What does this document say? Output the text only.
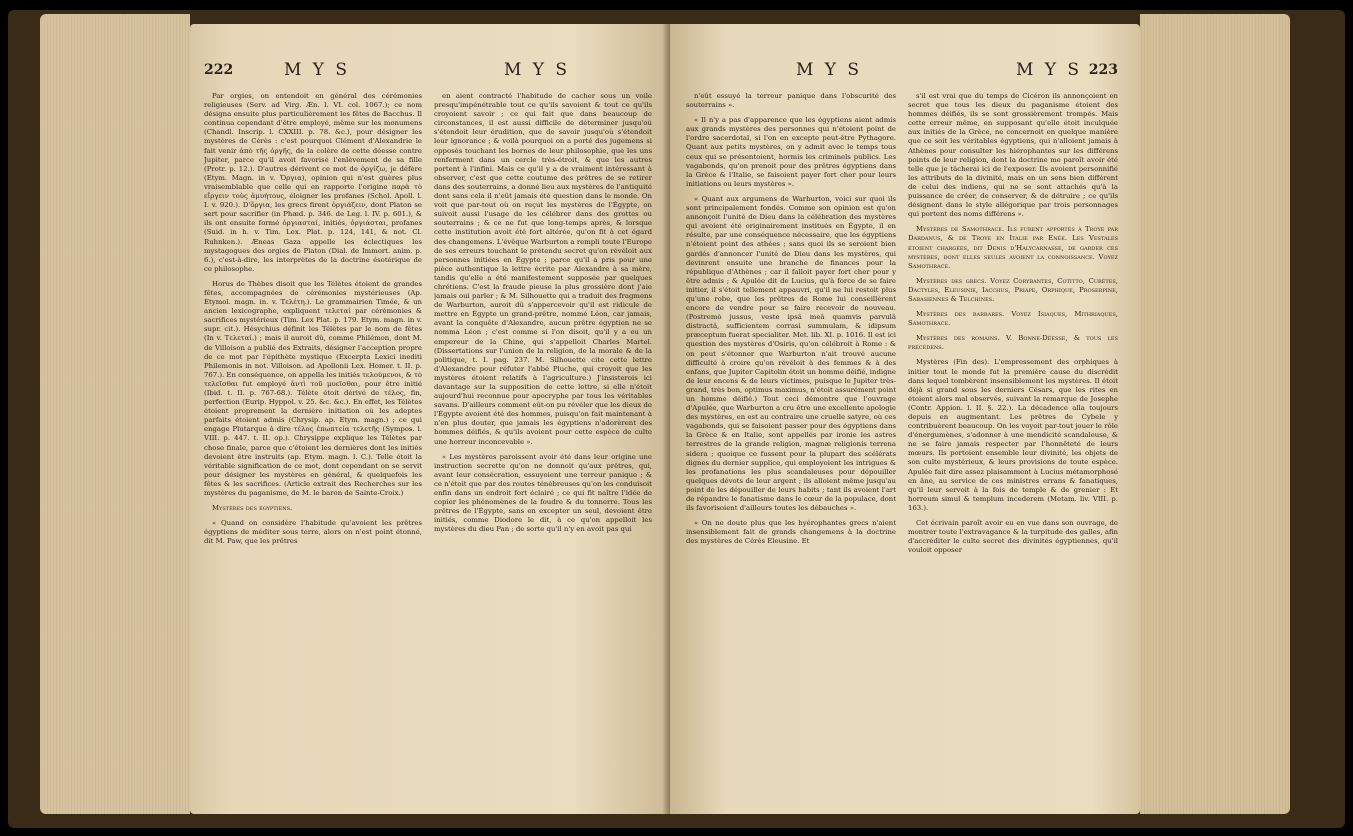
222	M Y S	M Y S

Par orgies, on entendoit en général des cérémonies religieuses (Serv. ad Virg. Æn. l. VI. col. 1067.); ce nom désigna ensuite plus particulièrement les fêtes de Bacchus. Il continua cependant d'être employé, même sur les monumens (Chandl. Inscrip. l. CXXIII. p. 78. &c.), pour désigner les mystères de Cérès : c'est pourquoi Clément d'Alexandrie le fait venir ἀπὸ τῆς ὀργῆς, de la colère de cette déesse contre Jupiter, parce qu'il avoit favorisé l'enlèvement de sa fille (Protr. p. 12.). D'autres dérivent ce mot de ὀργίζω, je défère (Etym. Magn. in v. Ὄργια), opinion qui n'est guères plus vraisemblable que celle qui en rapporte l'origine παρὰ τὸ εἴργειν τοὺς ἀμυήτους, éloigner les profanes (Schol. Apoll. l. I. v. 920.). D'ὄργια, les grecs firent ὀργιάζειν, dont Platon se sert pour sacrifier (in Phæd. p. 346. de Leg. l. IV. p. 601.), & ils ont ensuite formé ὀργιασταί, initiés, ὀργιάσται, profanes (Suid. in h. v. Tim. Lex. Plat. p. 124, 141, & not. Cl. Ruhnken.). Æneas Gaza appelle les éclectiques les mystagogues des orgies de Platon (Dial. de Immort. anim. p. 6.), c'est-à-dire, les interprètes de la doctrine ésotérique de ce philosophe.

Horus de Thèbes disoit que les Télètes étoient de grandes fêtes, accompagnées de cérémonies mystérieuses (Ap. Etymol. magn. in. v. Τελέτη.). Le grammairien Timée, & un ancien lexicographe, expliquent τελεταί par cérémonies & sacrifices mystérieux (Tim. Lex Plat. p. 179. Etym. magn. in v. supr. cit.). Hésychius définit les Télètes par le nom de fêtes (In v. Τελεταί.) ; mais il auroit dû, comme Philémon, dont M. de Villoison a publié des Extraits, désigner l'acception propre de ce mot par l'épithète mystique (Excerpta Lexici inediti Philemonis in not. Villoison. ad Apollonii Lex. Homer. t. II. p. 767.). En conséquence, on appella les initiés τελούμενοι, & τὸ τελεῖσθαι fut employé ἀντὶ τοῦ μυεῖσθαι, pour être initié (Ibid. t. II. p. 767-68.). Télète étoit dérivé de τέλος, fin, perfection (Eurip. Hyppol. v. 25. &c. &c.). En effet, les Télètes étoient proprement la dernière initiation où les adeptes parfaits étoient admis (Chrysip. ap. Etym. magn.) ; ce qui engage Plutarque à dire τέλος ἐπωπτεία τελετῆς (Sympos. l. VIII. p. 447. t. II. op.). Chrysippe explique les Télètes par chose finale, parce que c'étoient les dernières dont les initiés devoient être instruits (ap. Etym. magn. l. C.). Telle étoit la véritable signification de ce mot, dont cependant on se servit pour désigner les mystères en général, & quelquefois les fêtes & les sacrifices. (Article extrait des Recherches sur les mystères du paganisme, de M. le baron de Sainte-Croix.)

Mystères des égyptiens.

« Quand on considère l'habitude qu'avoient les prêtres égyptiens de méditer sous terre, alors on n'est point étonné, dit M. Paw, que les prêtres

en aient contracté l'habitude de cacher sous un voile presqu'impénétrable tout ce qu'ils savoient & tout ce qu'ils croyoient savoir ; ce qui fait que dans beaucoup de circonstances, il est aussi difficile de déterminer jusqu'où s'étendoit leur érudition, que de savoir jusqu'où s'étendoit leur ignorance ; & voilà pourquoi on a porté des jugemens si opposés touchant les bornes de leur philosophie, que les uns renferment dans un cercle très-étroit, & que les autres portent à l'infini. Mais ce qu'il y a de vraiment intéressant à observer, c'est que cette coutume des prêtres de se retirer dans des souterrains, a donné lieu aux mystères de l'antiquité dont sans cela il n'eût jamais été question dans le monde. On voit que par-tout où on reçut les mystères de l'Égypte, on suivoit aussi l'usage de les célébrer dans des grottes ou souterrains ; & ce ne fut que long-temps après, & lorsque cette institution avoit été fort altérée, qu'on fit à cet égard des changemens. L'évêque Warburton a rempli toute l'Europe de ses erreurs touchant le prétendu secret qu'on révéloit aux personnes initiées en Égypte ; parce qu'il a pris pour une pièce authentique la lettre écrite par Alexandre à sa mère, tandis qu'elle a été manifestement supposée par quelques chrétiens. C'est la fraude pieuse la plus grossière dont j'aie jamais oui parler ; & M. Silhouette qui a traduit des fragmens de Warburton, auroit dû s'appercevoir qu'il est ridicule de mettre en Égypte un grand-prêtre, nommé Léon, car jamais, avant la conquête d'Alexandre, aucun prêtre égyptien ne se nomma Léon ; c'est comme si l'on disoit, qu'il y a eu un empereur de la Chine, qui s'appelloit Charles Martel. (Dissertations sur l'union de la religion, de la morale & de la politique, t. I. pag. 237. M. Silhouette cite cette lettre d'Alexandre pour réfuter l'abbé Pluche, qui croyoit que les mystères étoient relatifs à l'agriculture.) J'insisterois ici davantage sur la supposition de cette lettre, si elle n'étoit aujourd'hui reconnue pour apocryphe par tous les véritables savans. D'ailleurs comment eût-on pu révéler que les dieux de l'Égypte avoient été des hommes, puisqu'on fait maintenant à n'en plus douter, que jamais les égyptiens n'adorèrent des hommes déifiés, & qu'ils avoient pour cette espèce de culte une horreur inconcevable ».

« Les mystères paroissent avoir été dans leur origine une instruction secrette qu'on ne donnoit qu'aux prêtres, qui, avant leur consécration, essuyoient une terreur panique ; & ce n'étoit que par des routes ténébreuses qu'on les conduisoit enfin dans un endroit fort éclairé ; ce qui fit naître l'idée de copier les phénomènes de la foudre & du tonnerre. Tous les prêtres de l'Égypte, sans en excepter un seul, devoient être initiés, comme Diodore le dit, à ce qu'on appelloit les mystères du dieu Pan ; de sorte qu'il n'y en avoit pas qui

M Y S	M Y S 223

n'eût essuyé la terreur panique dans l'obscurité des souterrains ».

« Il n'y a pas d'apparence que les égyptiens aient admis aux grands mystères des personnes qui n'étoient point de l'ordre sacerdotal, si l'on en excepte peut-être Pythagore. Quant aux petits mystères, on y admit avec le temps tous ceux qui se présentoient, hormis les criminels publics. Les vagabonds, qu'on prenoit pour des prêtres égyptiens dans la Grèce & l'Italie, se faisoient payer fort cher pour leurs initiations ou leurs mystères ».

« Quant aux argumens de Warburton, voici sur quoi ils sont principalement fondés. Comme son opinion est qu'on annonçoit l'unité de Dieu dans la célébration des mystères qui avoient été originairement institués en Égypte, il en résulte, par une conséquence nécessaire, que les égyptiens n'étoient point des athées ; sans quoi ils se seroient bien gardés d'annoncer l'unité de Dieu dans les mystères, qui devinrent ensuite une branche de finances pour la république d'Athènes ; car il falloit payer fort cher pour y être admis ; & Apulée dit de Lucius, qu'à force de se faire initier, il s'étoit tellement appauvri, qu'il ne lui restoit plus qu'une robe, que les prêtres de Rome lui conseillèrent encore de vendre pour se faire recevoir de nouveau. (Postremò jussus, veste ipsâ meâ quamvis parvulâ distractâ, sufficientem corrasi summulam, & idipsum præceptum fuerat specialiter. Met. lib. XI. p. 1016. Il est ici question des mystères d'Osiris, qu'on célébroit à Rome : & on peut s'étonner que Warburton n'ait trouvé aucune difficulté à croire qu'on révéloit à des femmes & à des enfans, que Jupiter Capitolin étoit un homme déifié, indigne de leur encens & de leurs victimes, puisque le Jupiter très-grand, très bon, optimus maximus, n'étoit assurément point un homme déifié.) Tout ceci démontre que l'ouvrage d'Apulée, que Warburton a cru être une excellente apologie des mystères, en est au contraire une cruelle satyre, où ces vagabonds, qui se faisoient passer pour des égyptiens dans la Grèce & en Italie, sont appellés par ironie les astres terrestres de la grande religion, magnæ religionis terrena sidera ; quoique ce fussent pour la plupart des scélérats dignes du dernier supplice, qui employoient les intrigues & les profanations les plus scandaleuses pour dépouiller quelques dévots de leur argent ; ils alloient même jusqu'au point de les dépouiller de leurs habits ; tant ils avoient l'art de répandre le fanatisme dans le cœur de la populace, dont ils favorisoient d'ailleurs toutes les débauches ».

« On ne doute plus que les hyérophantes grecs n'aient insensiblement fait de grands changemens à la doctrine des mystères de Cérès Eleusine. Et

s'il est vrai que du temps de Cicéron ils annonçoient en secret que tous les dieux du paganisme étoient des hommes déifiés, ils se sont grossièrement trompés. Mais cette erreur même, en supposant qu'elle étoit inculquée aux initiés de la Grèce, ne concernoit en quelque manière que ce soit les véritables égyptiens, qui n'alloient jamais à Athènes pour consulter les hiérophantes sur les différens points de leur religion, dont la doctrine me paroît avoir été telle que je tâcherai ici de l'exposer. Ils avoient personnifié les attributs de la divinité, mais en un sens bien différent de celui des indiens, qui ne se sont attachés qu'à la puissance de créer, de conserver, & de détruire ; ce qu'ils désignent dans le style allégorique par trois personnages qui portent des noms différens ».

Mystères de Samothrace. Ils furent apportés à Troye par Dardanus, & de Troye en Italie par Enée. Les Vestales étoient chargées, dit Denis d'Halycarnasse, de garder ces mystères, dont elles seules avoient la connoissance. Voyez Samothrace.

Mystères des grecs. Voyez Corybantes, Cotitto, Curètes, Dactyles, Eleusinie, Iacchus, Priape, Orphique, Proserpine, Sabasiennes & Telchines.

Mystères des barbares. Voyez Isiaques, Mithriaques, Samothrace.

Mystères des romains. V. Bonne-Déesse, & tous les précédens.

Mystères (Fin des). L'empressement des orphiques à initier tout le monde fut la première cause du discrédit dans lequel tombèrent insensiblement les mystères. Il étoit déjà si grand sous les derniers Césars, que les rites en étoient alors mal observés, suivant la remarque de Josephe (Contr. Appion. l. II. §. 22.). La décadence alla toujours depuis en augmentant. Les prêtres de Cybele y contribuèrent beaucoup. On les voyoit par-tout jouer le rôle d'énergumènes, s'adonner à une mendicité scandaleuse, & ne se faire jamais respecter par l'honnêteté de leurs mœurs. Ils portoient ensemble leur divinité, les objets de son culte mystérieux, & leurs provisions de toute espèce. Apulée fait dire assez plaisamment à Lucius métamorphosé en âne, au service de ces ministres errans & fanatiques, qu'il leur servoit à la fois de temple & de grenier : Et horreum simul & templum incederem (Metam. liv. VIII. p. 163.).

Cet écrivain paroît avoir eu en vue dans son ouvrage, de montrer toute l'extravagance & la turpitude des galles, afin d'accréditer le culte secret des divinités égyptiennes, qu'il vouloit opposer
